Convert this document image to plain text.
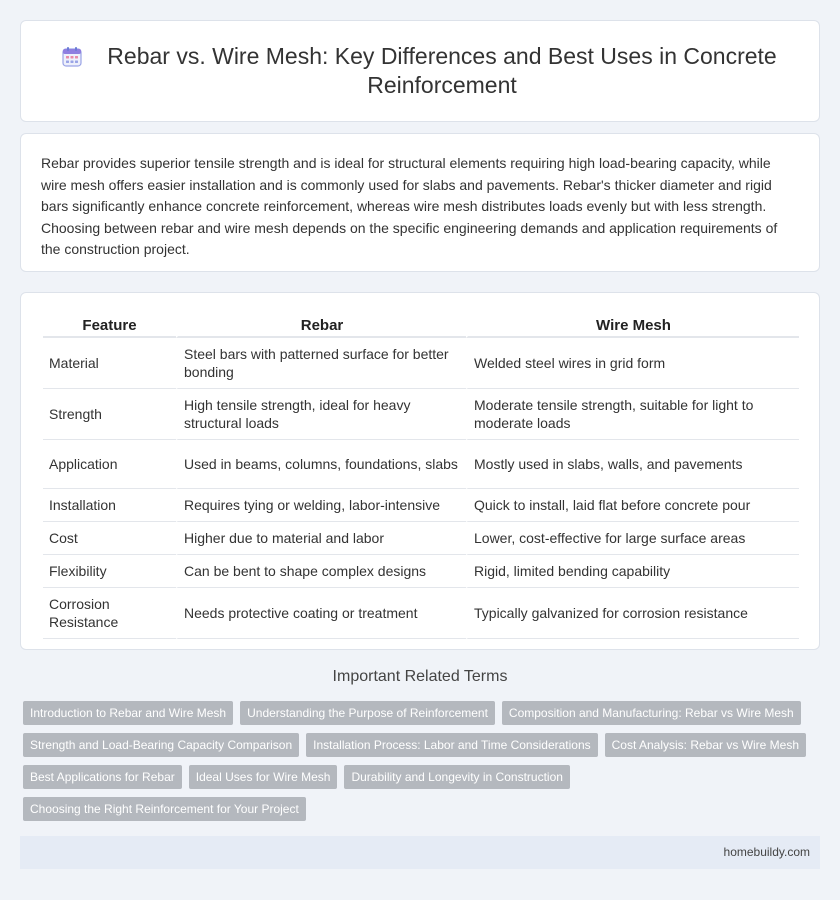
Rebar vs. Wire Mesh: Key Differences and Best Uses in Concrete Reinforcement

Rebar provides superior tensile strength and is ideal for structural elements requiring high load-bearing capacity, while wire mesh offers easier installation and is commonly used for slabs and pavements. Rebar's thicker diameter and rigid bars significantly enhance concrete reinforcement, whereas wire mesh distributes loads evenly but with less strength. Choosing between rebar and wire mesh depends on the specific engineering demands and application requirements of the construction project.

Feature	Rebar	Wire Mesh
Material	Steel bars with patterned surface for better bonding	Welded steel wires in grid form
Strength	High tensile strength, ideal for heavy structural loads	Moderate tensile strength, suitable for light to moderate loads
Application	Used in beams, columns, foundations, slabs	Mostly used in slabs, walls, and pavements
Installation	Requires tying or welding, labor-intensive	Quick to install, laid flat before concrete pour
Cost	Higher due to material and labor	Lower, cost-effective for large surface areas
Flexibility	Can be bent to shape complex designs	Rigid, limited bending capability
Corrosion Resistance	Needs protective coating or treatment	Typically galvanized for corrosion resistance
Important Related Terms
Introduction to Rebar and Wire Mesh	Understanding the Purpose of Reinforcement	Composition and Manufacturing: Rebar vs Wire Mesh
Strength and Load-Bearing Capacity Comparison	Installation Process: Labor and Time Considerations	Cost Analysis: Rebar vs Wire Mesh
Best Applications for Rebar	Ideal Uses for Wire Mesh	Durability and Longevity in Construction
Choosing the Right Reinforcement for Your Project
homebuildy.com
